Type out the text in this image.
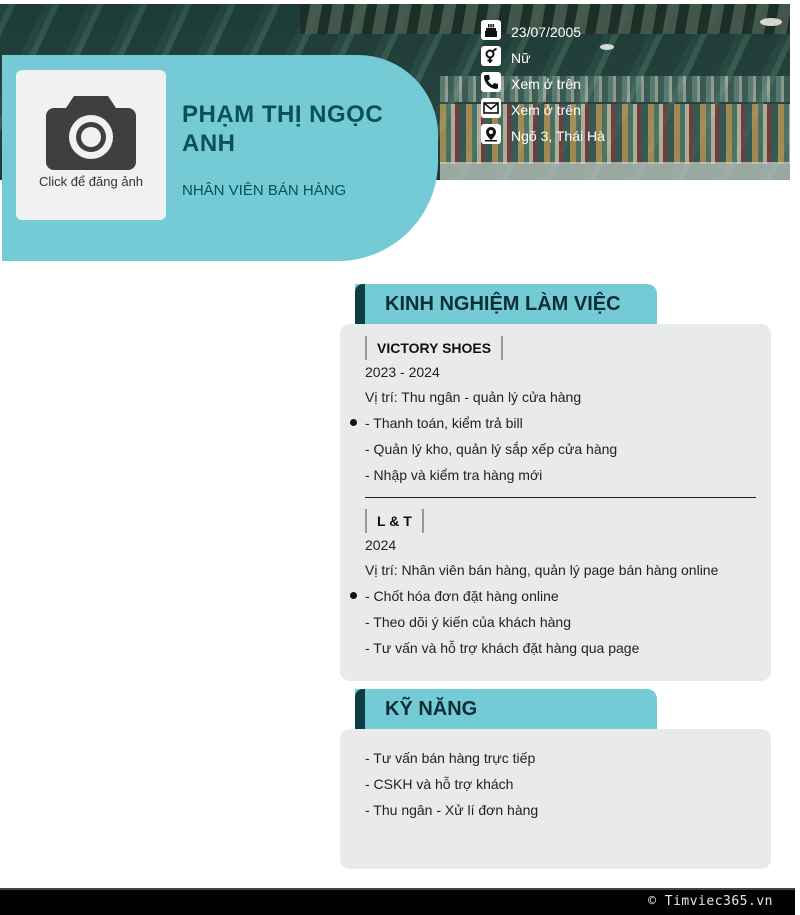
Click để đăng ảnh
PHẠM THỊ NGỌC ANH
NHÂN VIÊN BÁN HÀNG
23/07/2005
Nữ
Xem ở trên
Xem ở trên
Ngõ 3, Thái Hà
KINH NGHIỆM LÀM VIỆC
VICTORY SHOES
2023 - 2024
Vị trí: Thu ngân - quản lý cửa hàng
- Thanh toán, kiểm trả bill
- Quản lý kho, quản lý sắp xếp cửa hàng
- Nhập và kiểm tra hàng mới
L & T
2024
Vị trí: Nhân viên bán hàng, quản lý page bán hàng online
- Chốt hóa đơn đặt hàng online
- Theo dõi ý kiến của khách hàng
- Tư vấn và hỗ trợ khách đặt hàng qua page
KỸ NĂNG
- Tư vấn bán hàng trực tiếp
- CSKH và hỗ trợ khách
- Thu ngân - Xử lí đơn hàng
© Timviec365.vn
